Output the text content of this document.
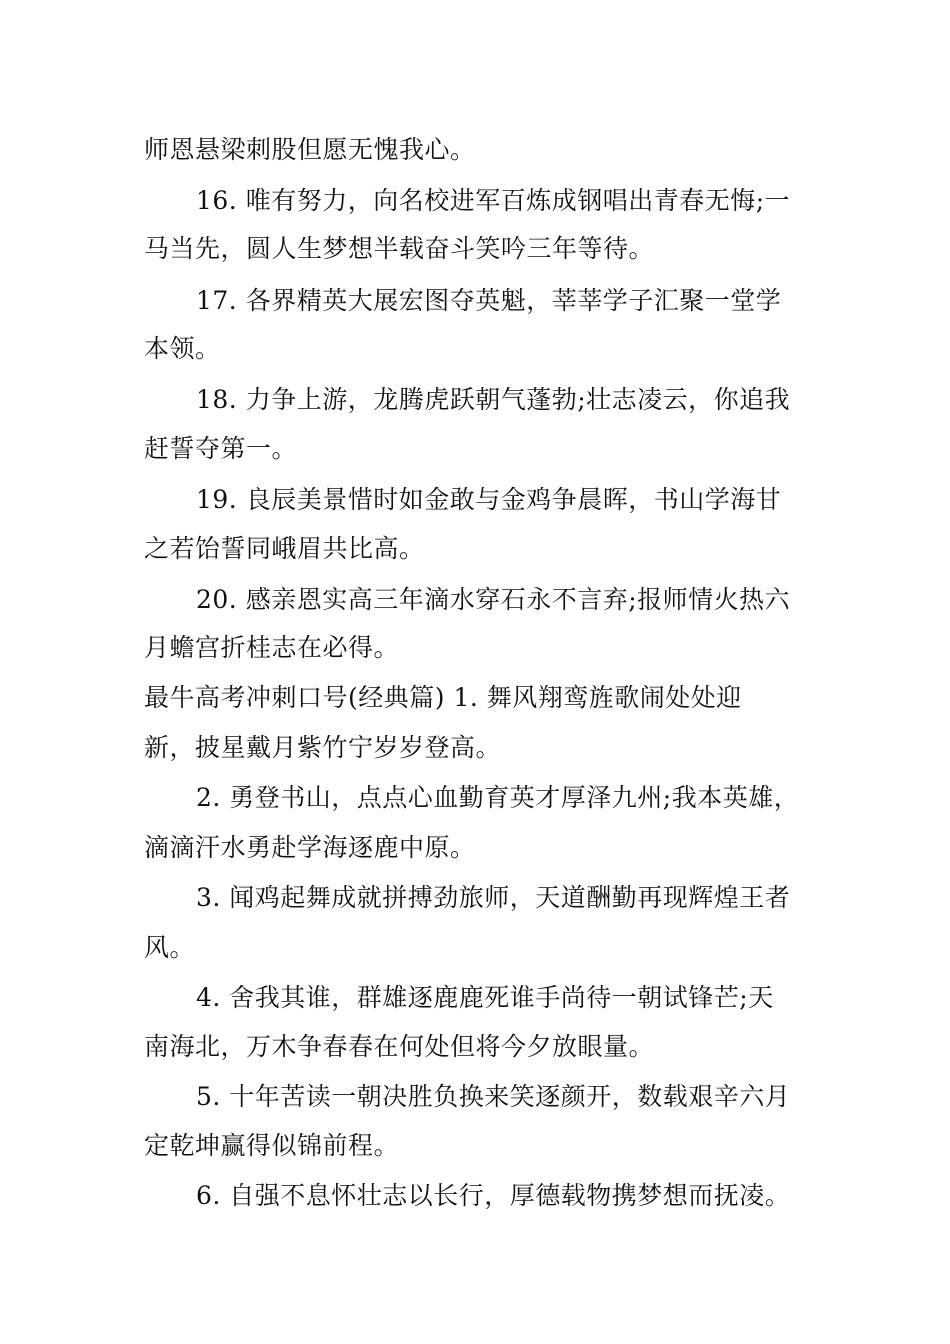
师恩悬梁刺股但愿无愧我心。
16. 唯有努力，向名校进军百炼成钢唱出青春无悔;一
马当先，圆人生梦想半载奋斗笑吟三年等待。
17. 各界精英大展宏图夺英魁，莘莘学子汇聚一堂学
本领。
18. 力争上游，龙腾虎跃朝气蓬勃;壮志凌云，你追我
赶誓夺第一。
19. 良辰美景惜时如金敢与金鸡争晨晖，书山学海甘
之若饴誓同峨眉共比高。
20. 感亲恩实高三年滴水穿石永不言弃;报师情火热六
月蟾宫折桂志在必得。
最牛高考冲刺口号(经典篇) 1. 舞风翔鸾旌歌闹处处迎
新，披星戴月紫竹宁岁岁登高。
2. 勇登书山，点点心血勤育英才厚泽九州;我本英雄，
滴滴汗水勇赴学海逐鹿中原。
3. 闻鸡起舞成就拼搏劲旅师，天道酬勤再现辉煌王者
风。
4. 舍我其谁，群雄逐鹿鹿死谁手尚待一朝试锋芒;天
南海北，万木争春春在何处但将今夕放眼量。
5. 十年苦读一朝决胜负换来笑逐颜开，数载艰辛六月
定乾坤赢得似锦前程。
6. 自强不息怀壮志以长行，厚德载物携梦想而抚凌。
